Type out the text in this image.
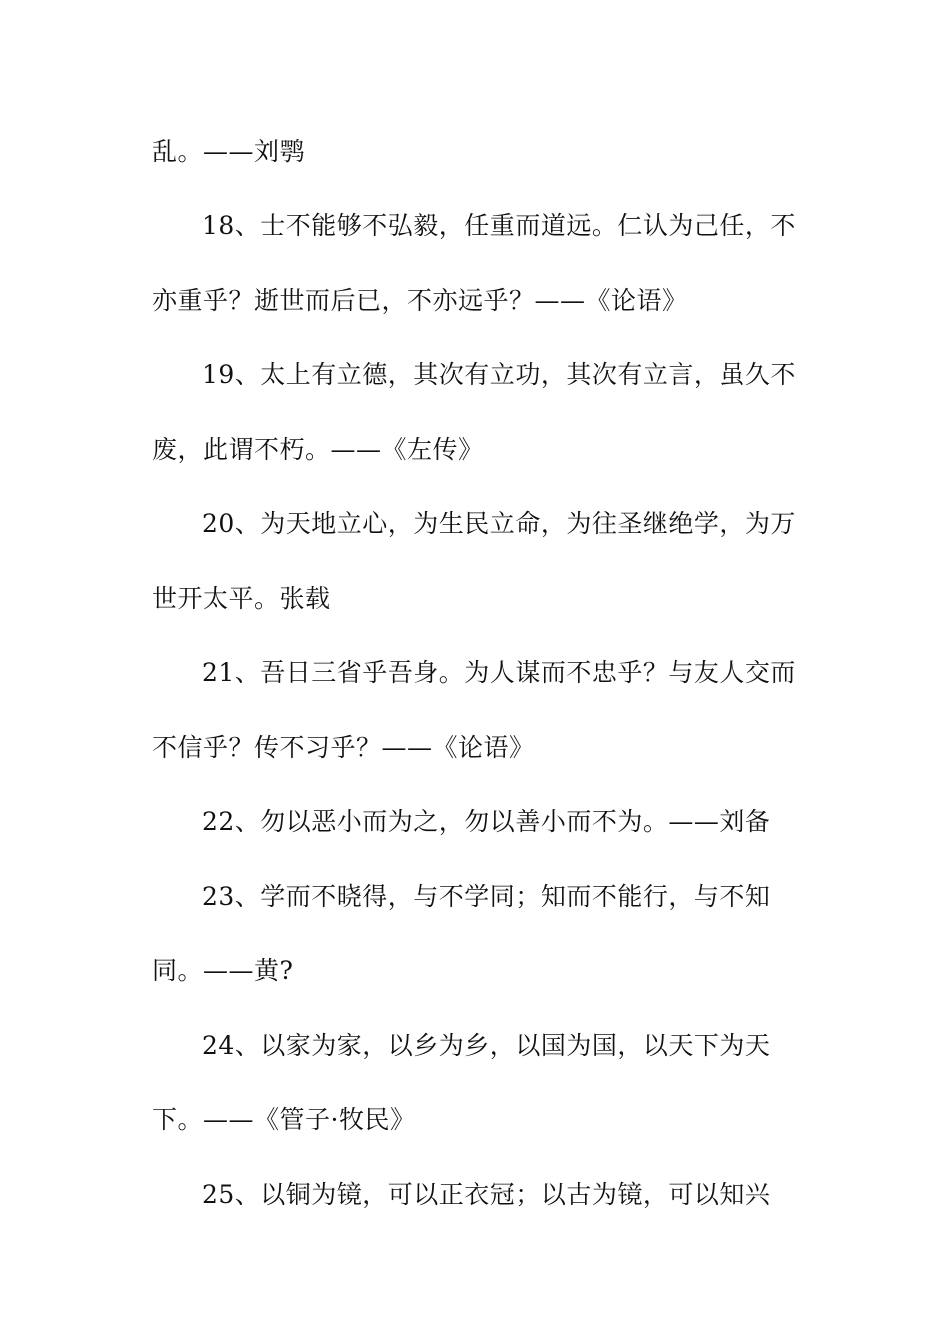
乱。——刘鹗
18、士不能够不弘毅，任重而道远。仁认为己任，不
亦重乎？逝世而后已，不亦远乎？——《论语》
19、太上有立德，其次有立功，其次有立言，虽久不
废，此谓不朽。——《左传》
20、为天地立心，为生民立命，为往圣继绝学，为万
世开太平。张载
21、吾日三省乎吾身。为人谋而不忠乎？与友人交而
不信乎？传不习乎？——《论语》
22、勿以恶小而为之，勿以善小而不为。——刘备
23、学而不晓得，与不学同；知而不能行，与不知
同。——黄?
24、以家为家，以乡为乡，以国为国，以天下为天
下。——《管子·牧民》
25、以铜为镜，可以正衣冠；以古为镜，可以知兴
